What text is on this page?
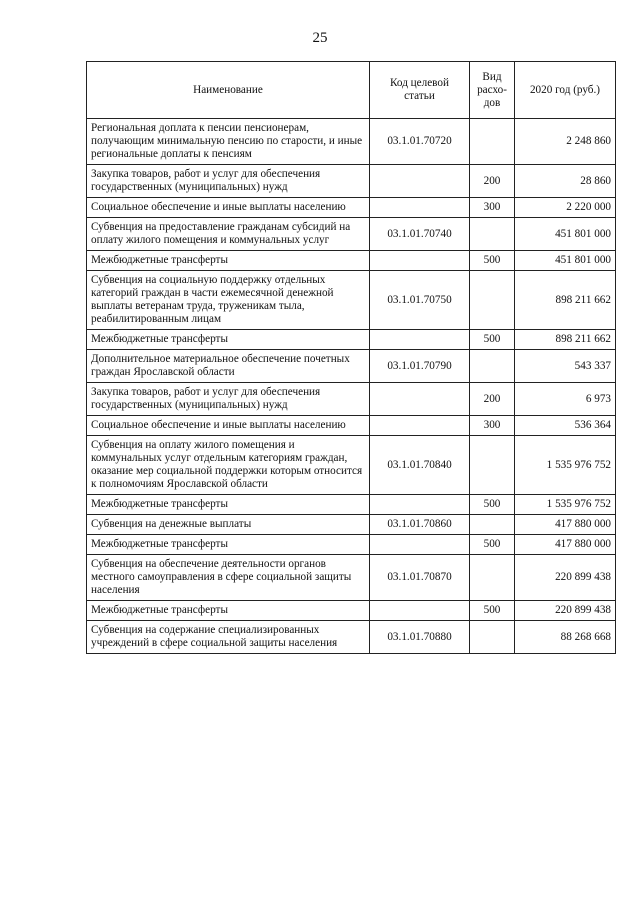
25
Наименование	Код целевой статьи	Вид расхо-дов	2020 год (руб.)
Региональная доплата к пенсии пенсионерам, получающим минимальную пенсию по старости, и иные региональные доплаты к пенсиям	03.1.01.70720		2 248 860
Закупка товаров, работ и услуг для обеспечения государственных (муниципальных) нужд		200	28 860
Социальное обеспечение и иные выплаты населению		300	2 220 000
Субвенция на предоставление гражданам субсидий на оплату жилого помещения и коммунальных услуг	03.1.01.70740		451 801 000
Межбюджетные трансферты		500	451 801 000
Субвенция на социальную поддержку отдельных категорий граждан в части ежемесячной денежной выплаты ветеранам труда, труженикам тыла, реабилитированным лицам	03.1.01.70750		898 211 662
Межбюджетные трансферты		500	898 211 662
Дополнительное материальное обеспечение почетных граждан Ярославской области	03.1.01.70790		543 337
Закупка товаров, работ и услуг для обеспечения государственных (муниципальных) нужд		200	6 973
Социальное обеспечение и иные выплаты населению		300	536 364
Субвенция на оплату жилого помещения и коммунальных услуг отдельным категориям граждан, оказание мер социальной поддержки которым относится к полномочиям Ярославской области	03.1.01.70840		1 535 976 752
Межбюджетные трансферты		500	1 535 976 752
Субвенция на денежные выплаты	03.1.01.70860		417 880 000
Межбюджетные трансферты		500	417 880 000
Субвенция на обеспечение деятельности органов местного самоуправления в сфере социальной защиты населения	03.1.01.70870		220 899 438
Межбюджетные трансферты		500	220 899 438
Субвенция на содержание специализированных учреждений в сфере социальной защиты населения	03.1.01.70880		88 268 668
